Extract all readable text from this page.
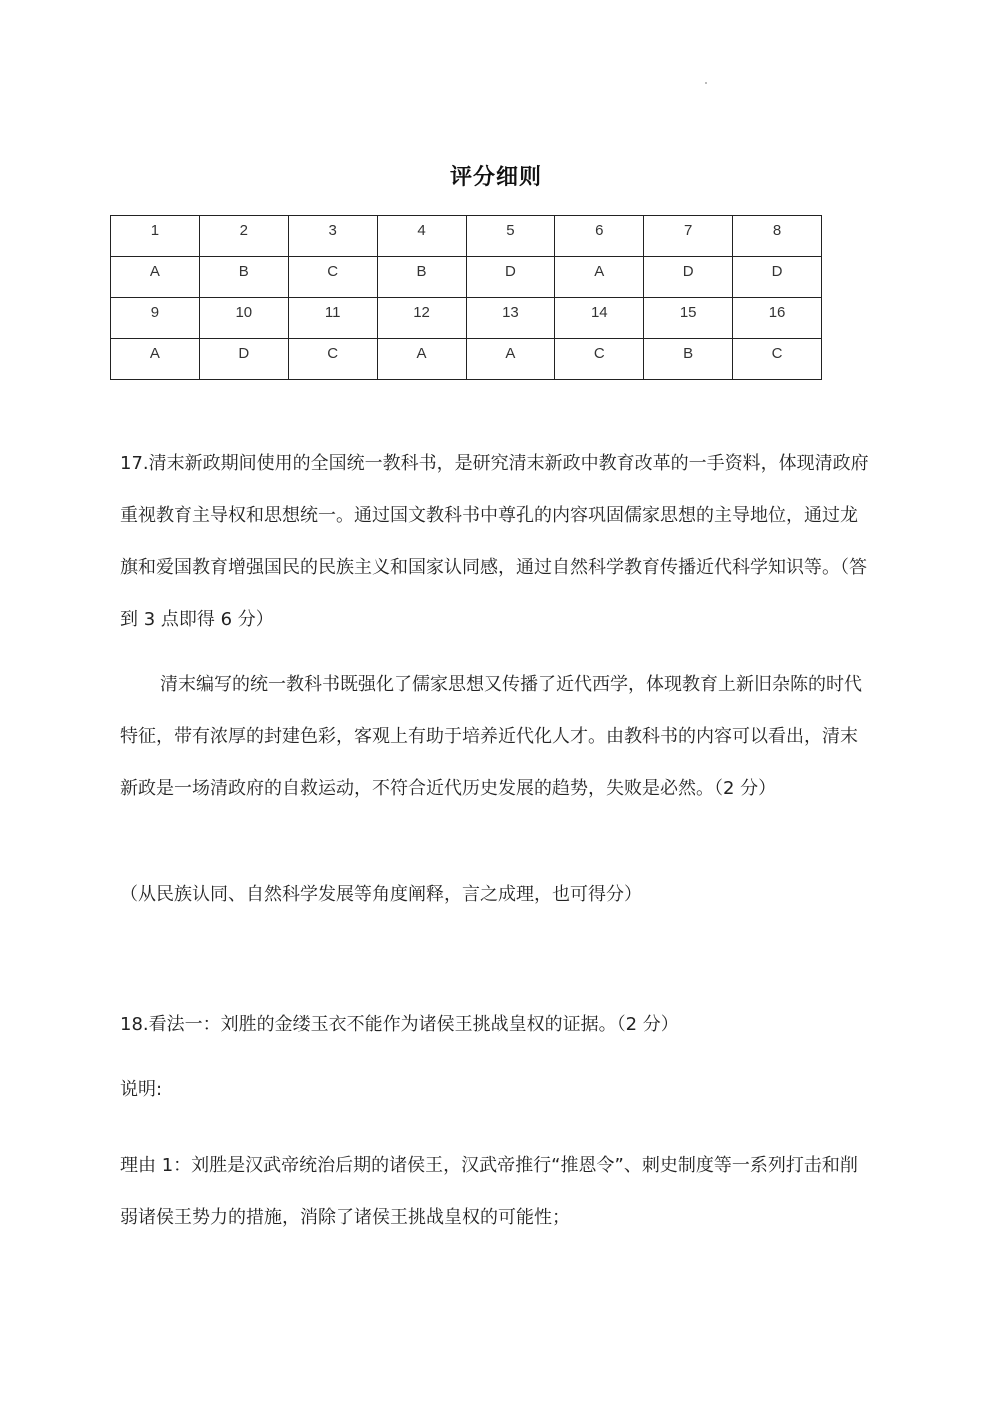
评分细则
1	2	3	4	5	6	7	8
A	B	C	B	D	A	D	D
9	10	11	12	13	14	15	16
A	D	C	A	A	C	B	C
17.清末新政期间使用的全国统一教科书，是研究清末新政中教育改革的一手资料，体现清政府重视教育主导权和思想统一。通过国文教科书中尊孔的内容巩固儒家思想的主导地位，通过龙旗和爱国教育增强国民的民族主义和国家认同感，通过自然科学教育传播近代科学知识等。（答到 3 点即得 6 分）
清末编写的统一教科书既强化了儒家思想又传播了近代西学，体现教育上新旧杂陈的时代特征，带有浓厚的封建色彩，客观上有助于培养近代化人才。由教科书的内容可以看出，清末新政是一场清政府的自救运动，不符合近代历史发展的趋势，失败是必然。（2 分）
（从民族认同、自然科学发展等角度阐释，言之成理，也可得分）
18.看法一：刘胜的金缕玉衣不能作为诸侯王挑战皇权的证据。（2 分）
说明:
理由 1：刘胜是汉武帝统治后期的诸侯王，汉武帝推行“推恩令”、刺史制度等一系列打击和削弱诸侯王势力的措施，消除了诸侯王挑战皇权的可能性；
